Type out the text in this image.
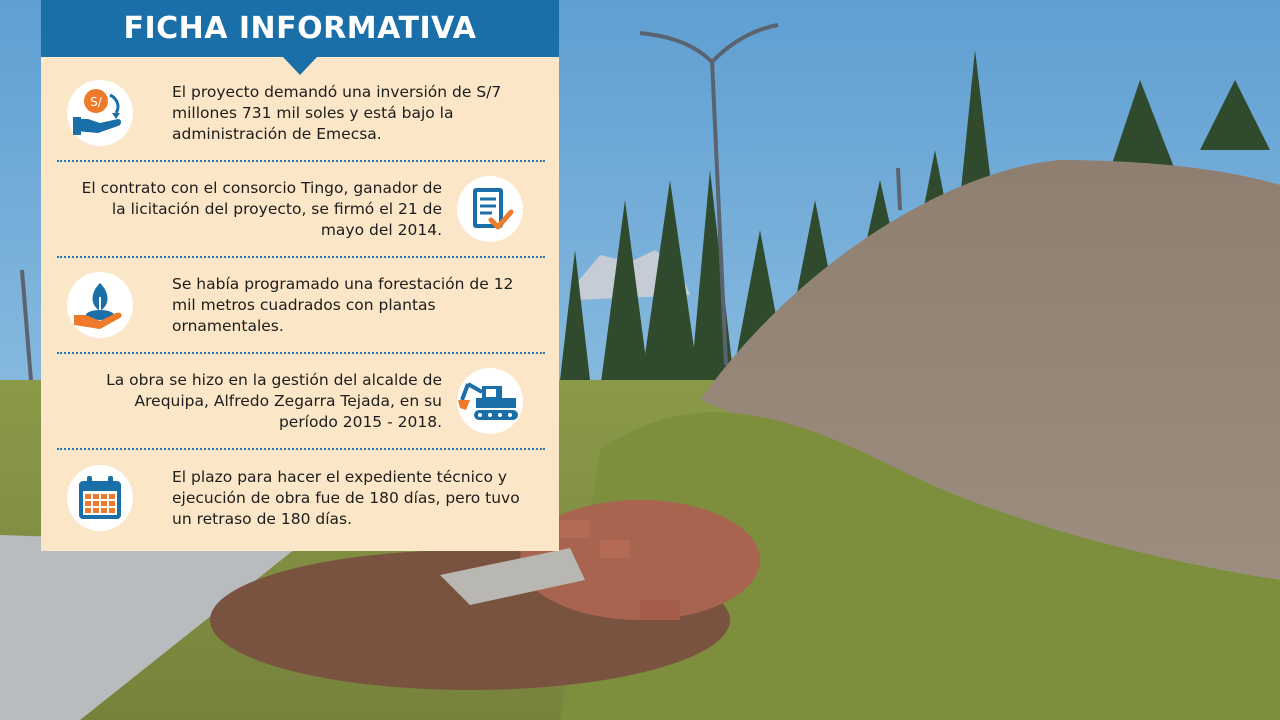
FICHA INFORMATIVA
S/
El proyecto demandó una inversión de S/7 millones 731 mil soles y está bajo la administración de Emecsa.
El contrato con el consorcio Tingo, ganador de la licitación del proyecto, se firmó el 21 de mayo del 2014.
Se había programado una forestación de 12 mil metros cuadrados con plantas ornamentales.
La obra se hizo en la gestión del alcalde de Arequipa, Alfredo Zegarra Tejada, en su período 2015 - 2018.
El plazo para hacer el expediente técnico y ejecución de obra fue de 180 días, pero tuvo un retraso de 180 días.
